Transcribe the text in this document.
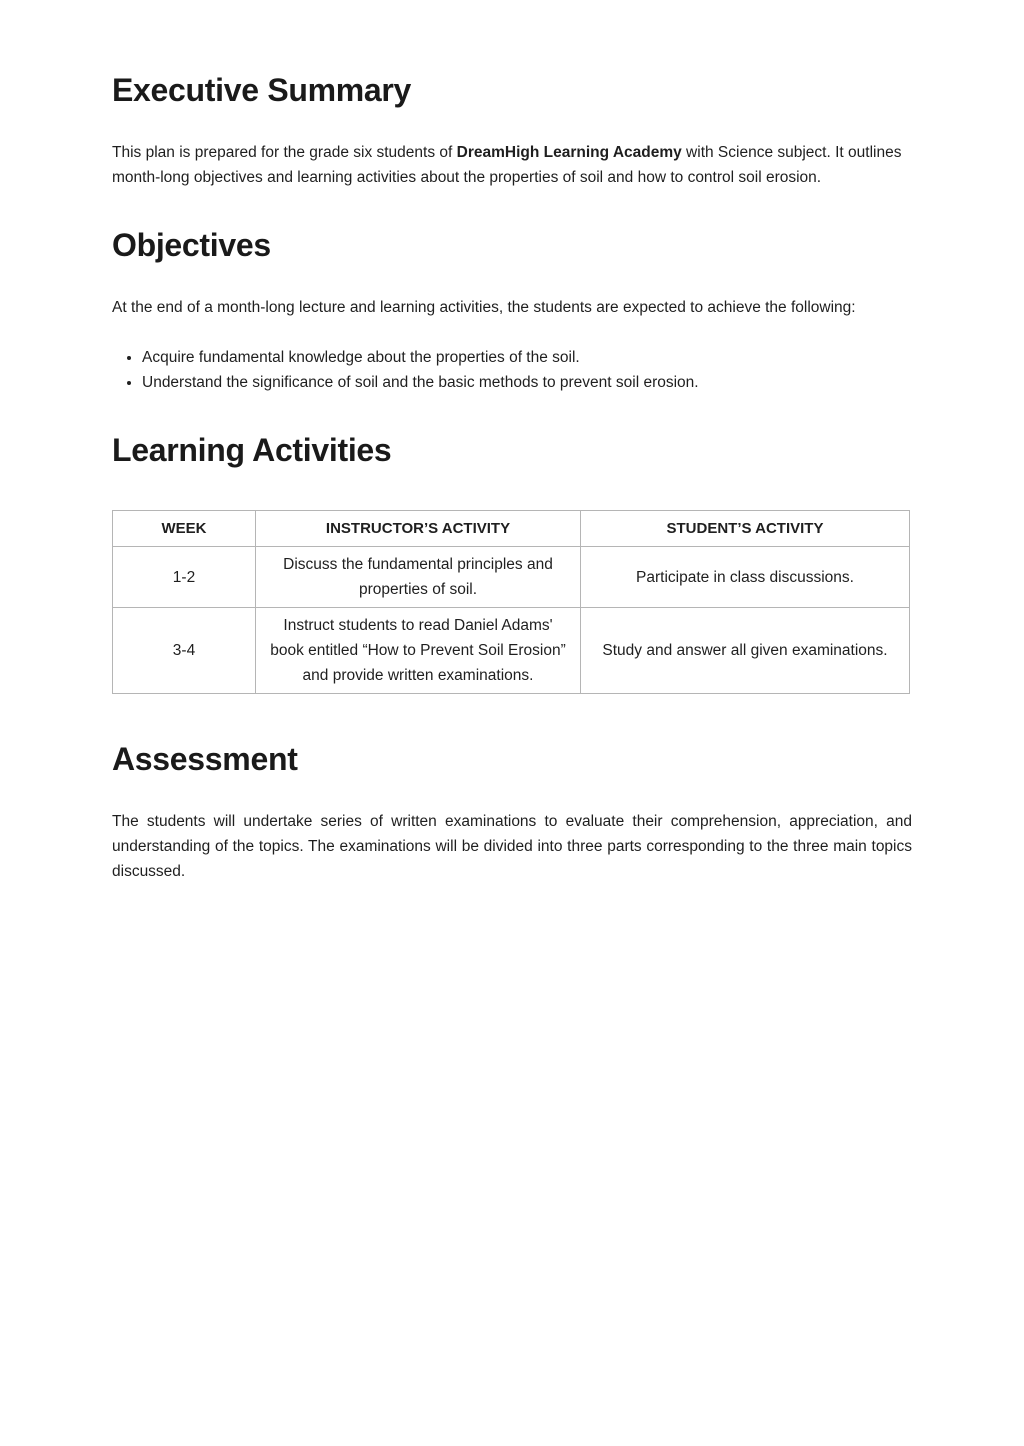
Executive Summary

This plan is prepared for the grade six students of DreamHigh Learning Academy with Science subject. It outlines month-long objectives and learning activities about the properties of soil and how to control soil erosion.

Objectives

At the end of a month-long lecture and learning activities, the students are expected to achieve the following:

• Acquire fundamental knowledge about the properties of the soil.
• Understand the significance of soil and the basic methods to prevent soil erosion.
Learning Activities
WEEK	INSTRUCTOR’S ACTIVITY	STUDENT’S ACTIVITY
1-2	Discuss the fundamental principles and properties of soil.	Participate in class discussions.
3-4	Instruct students to read Daniel Adams' book entitled “How to Prevent Soil Erosion” and provide written examinations.	Study and answer all given examinations.
Assessment

The students will undertake series of written examinations to evaluate their comprehension, appreciation, and understanding of the topics. The examinations will be divided into three parts corresponding to the three main topics discussed.
